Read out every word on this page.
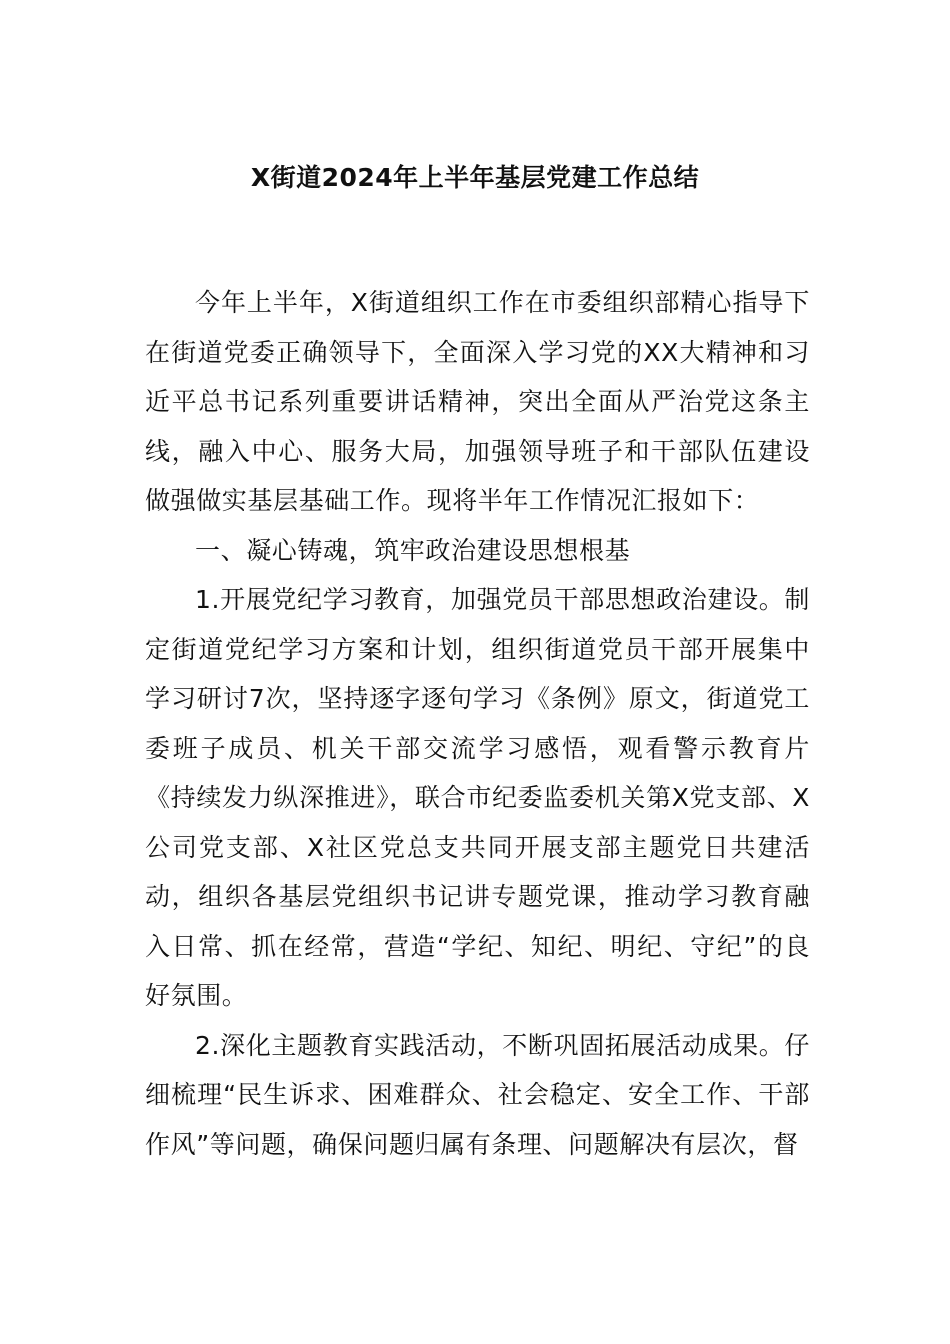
X街道2024年上半年基层党建工作总结

今年上半年，X街道组织工作在市委组织部精心指导下在街道党委正确领导下，全面深入学习党的XX大精神和习近平总书记系列重要讲话精神，突出全面从严治党这条主线，融入中心、服务大局，加强领导班子和干部队伍建设做强做实基层基础工作。现将半年工作情况汇报如下：

一、凝心铸魂，筑牢政治建设思想根基

1.开展党纪学习教育，加强党员干部思想政治建设。制定街道党纪学习方案和计划，组织街道党员干部开展集中学习研讨7次，坚持逐字逐句学习《条例》原文，街道党工委班子成员、机关干部交流学习感悟，观看警示教育片《持续发力纵深推进》，联合市纪委监委机关第X党支部、X公司党支部、X社区党总支共同开展支部主题党日共建活动，组织各基层党组织书记讲专题党课，推动学习教育融入日常、抓在经常，营造“学纪、知纪、明纪、守纪”的良好氛围。

2.深化主题教育实践活动，不断巩固拓展活动成果。仔细梳理“民生诉求、困难群众、社会稳定、安全工作、干部作风”等问题，确保问题归属有条理、问题解决有层次，督
